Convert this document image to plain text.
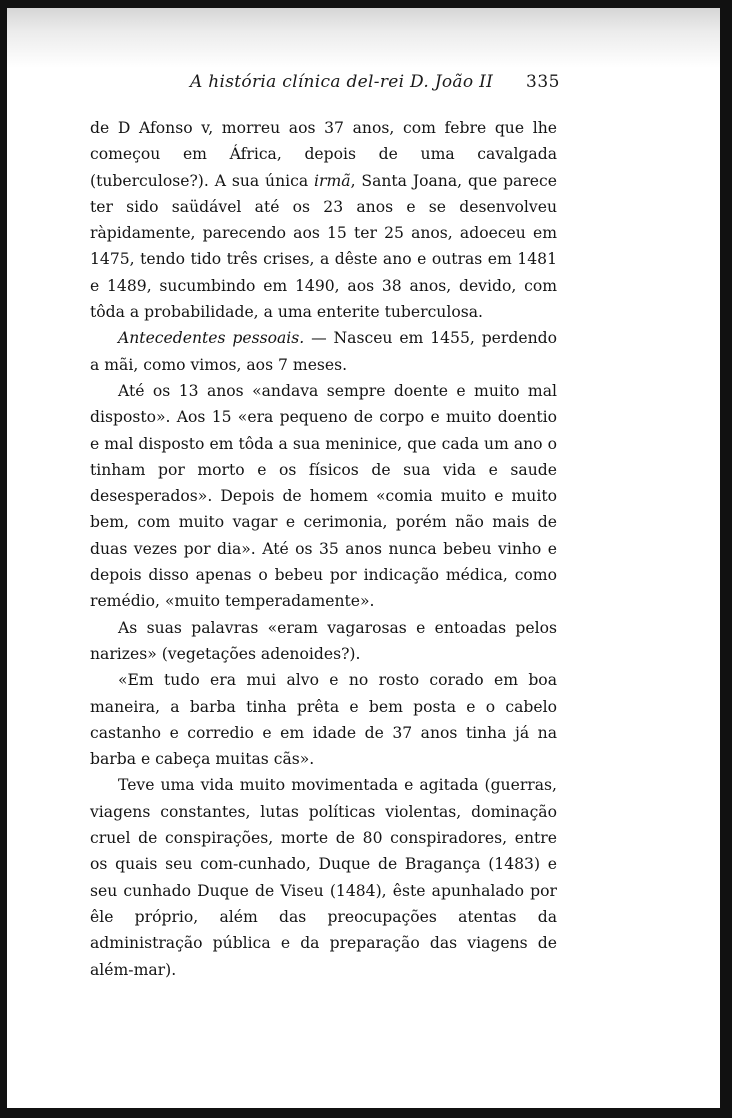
A história clínica del-rei D. João II 335

de D Afonso v, morreu aos 37 anos, com febre que lhe começou em África, depois de uma cavalgada (tuberculose?). A sua única irmã, Santa Joana, que parece ter sido saüdável até os 23 anos e se desenvolveu ràpidamente, parecendo aos 15 ter 25 anos, adoeceu em 1475, tendo tido três crises, a dêste ano e outras em 1481 e 1489, sucumbindo em 1490, aos 38 anos, devido, com tôda a probabilidade, a uma enterite tuberculosa.

Antecedentes pessoais. — Nasceu em 1455, perdendo a mãi, como vimos, aos 7 meses.

Até os 13 anos «andava sempre doente e muito mal disposto». Aos 15 «era pequeno de corpo e muito doentio e mal disposto em tôda a sua meninice, que cada um ano o tinham por morto e os físicos de sua vida e saude desesperados». Depois de homem «comia muito e muito bem, com muito vagar e cerimonia, porém não mais de duas vezes por dia». Até os 35 anos nunca bebeu vinho e depois disso apenas o bebeu por indicação médica, como remédio, «muito temperadamente».

As suas palavras «eram vagarosas e entoadas pelos narizes» (vegetações adenoides?).

«Em tudo era mui alvo e no rosto corado em boa maneira, a barba tinha prêta e bem posta e o cabelo castanho e corredio e em idade de 37 anos tinha já na barba e cabeça muitas cãs».

Teve uma vida muito movimentada e agitada (guerras, viagens constantes, lutas políticas violentas, dominação cruel de conspirações, morte de 80 conspiradores, entre os quais seu com-cunhado, Duque de Bragança (1483) e seu cunhado Duque de Viseu (1484), êste apunhalado por êle próprio, além das preocupações atentas da administração pública e da preparação das viagens de além-mar).
